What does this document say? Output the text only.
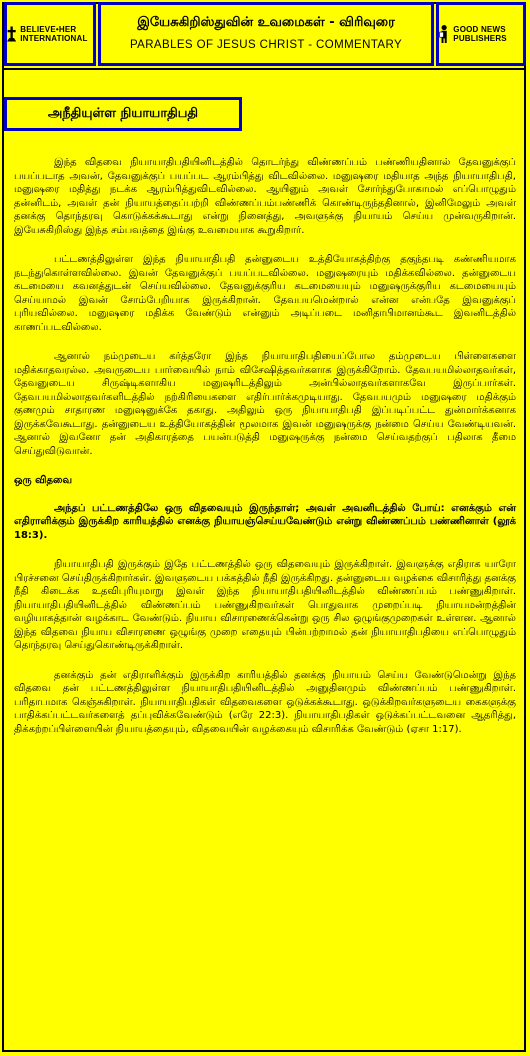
BELIEVE•HER INTERNATIONAL
இயேசுகிறிஸ்துவின் உவமைகள் - விரிவுரை
PARABLES OF JESUS CHRIST - COMMENTARY
GOOD NEWS PUBLISHERS
அநீதியுள்ள நியாயாதிபதி

இந்த விதவை நியாயாதிபதியினிடத்தில் தொடர்ந்து விண்ணப்பம் பண்ணியதினால் தேவனுக்குப் பயப்படாத அவன், தேவனுக்குப் பயப்பட ஆரம்பித்து விடவில்லை. மனுஷரை மதியாத அந்த நியாயாதிபதி, மனுஷரை மதித்து நடக்க ஆரம்பித்துவிடவில்லை. ஆயினும் அவள் சோர்ந்துபோகாமல் எப்பொழுதும் தன்னிடம், அவள் தன் நியாயத்தைப்பற்றி விண்ணப்பம்பண்ணிக் கொண்டிருந்ததினால், இனிமேலும் அவள் தனக்கு தொந்தரவு கொடுக்கக்கூடாது என்று நினைத்து, அவளுக்கு நியாயம் செய்ய முன்வருகிறான். இயேசுகிறிஸ்து இந்த சம்பவத்தை இங்கு உவமையாக கூறுகிறார்.

பட்டணத்திலுள்ள இந்த நியாயாதிபதி தன்னுடைய உத்தியோகத்திற்கு தகுந்தபடி கண்ணியமாக நடந்துகொள்ளவில்லை. இவன் தேவனுக்குப் பயப்படவில்லை. மனுஷரையும் மதிக்கவில்லை. தன்னுடைய கடமையை கவனத்துடன் செய்யவில்லை. தேவனுக்குரிய கடமையையும் மனுஷருக்குரிய கடமையையும் செய்யாமல் இவன் சோம்பேறியாக இருக்கிறான். தேவபயமென்றால் என்ன என்பதே இவனுக்குப் புரியவில்லை. மனுஷரை மதிக்க வேண்டும் என்னும் அடிப்படை மனிதாபிமானம்கூட இவனிடத்தில் காணப்படவில்லை.

ஆனால் நம்முடைய கர்த்தரோ இந்த நியாயாதிபதியைப்போல தம்முடைய பிள்ளைகளை மதிக்காதவரல்ல. அவருடைய பார்வையில் நாம் விசேஷித்தவர்களாக இருக்கிறோம். தேவபயமில்லாதவர்கள், தேவனுடைய சிருஷ்டிகளாகிய மனுஷரிடத்திலும் அன்பில்லாதவர்களாகவே இருப்பார்கள். தேவபயமில்லாதவர்களிடத்தில் நற்கிரியைகளை எதிர்பார்க்கமுடியாது. தேவபயமும் மனுஷரை மதிக்கும் குணமும் சாதாரண மனுஷனுக்கே தகாது. அதிலும் ஒரு நியாயாதிபதி இப்படிப்பட்ட துன்மார்க்கனாக இருக்கவேகூடாது. தன்னுடைய உத்தியோகத்தின் மூலமாக இவன் மனுஷருக்கு நன்மை செய்ய வேண்டியவன். ஆனால் இவனோ தன் அதிகாரத்தை பயன்படுத்தி மனுஷருக்கு நன்மை செய்வதற்குப் பதிலாக தீமை செய்துவிடுவான்.

ஒரு விதவை

அந்தப் பட்டணத்திலே ஒரு விதவையும் இருந்தாள்; அவள் அவனிடத்தில் போய்: எனக்கும் என் எதிராளிக்கும் இருக்கிற காரியத்தில் எனக்கு நியாயஞ்செய்யவேண்டும் என்று விண்ணப்பம் பண்ணினாள் (லூக் 18:3).

நியாயாதிபதி இருக்கும் இதே பட்டணத்தில் ஒரு விதவையும் இருக்கிறாள். இவளுக்கு எதிராக யாரோ பிரச்சனை செய்திருக்கிறார்கள். இவளுடைய பக்கத்தில் நீதி இருக்கிறது. தன்னுடைய வழக்கை விசாரித்து தனக்கு நீதி கிடைக்க உதவிபுரியுமாறு இவள் இந்த நியாயாதிபதியினிடத்தில் விண்ணப்பம் பண்ணுகிறாள். நியாயாதிபதியினிடத்தில் விண்ணப்பம் பண்ணுகிறவர்கள் பொதுவாக முறைப்படி நியாயமன்றத்தின் வழியாகத்தான் வழக்காட வேண்டும். நியாய விசாரணைக்கென்று ஒரு சில ஒழுங்குமுறைகள் உள்ளன. ஆனால் இந்த விதவை நியாய விசாரணை ஒழுங்கு முறை எதையும் பின்பற்றாமல் தன் நியாயாதிபதியை எப்பொழுதும் தொந்தரவு செய்துகொண்டிருக்கிறாள்.

தனக்கும் தன் எதிராளிக்கும் இருக்கிற காரியத்தில் தனக்கு நியாயம் செய்ய வேண்டுமென்று இந்த விதவை தன் பட்டணத்திலுள்ள நியாயாதிபதியினிடத்தில் அனுதினமும் விண்ணப்பம் பண்ணுகிறாள். பரிதாபமாக கெஞ்சுகிறாள். நியாயாதிபதிகள் விதவைகளை ஒடுக்கக்கூடாது. ஒடுக்கிறவர்களுடைய கைகளுக்கு பாதிக்கப்பட்டவர்களைத் தப்புவிக்கவேண்டும் (எரே 22:3). நியாயாதிபதிகள் ஒடுக்கப்பட்டவனை ஆதரித்து, திக்கற்றப்பிள்ளையின் நியாயத்தையும், விதவையின் வழக்கையும் விசாரிக்க வேண்டும் (ஏசா 1:17).
